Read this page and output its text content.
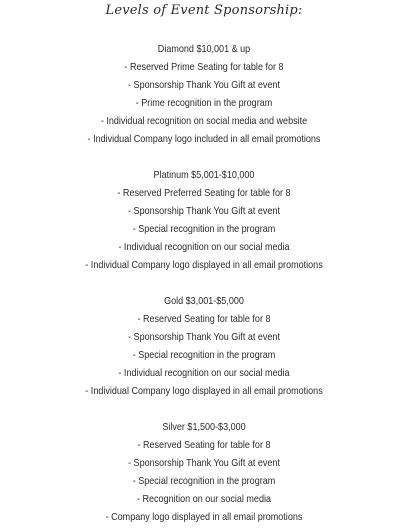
Levels of Event Sponsorship:
Diamond $10,001 & up
- Reserved Prime Seating for table for 8
- Sponsorship Thank You Gift at event
- Prime recognition in the program
- Individual recognition on social media and website
- Individual Company logo included in all email promotions
Platinum $5,001-$10,000
- Reserved Preferred Seating for table for 8
- Sponsorship Thank You Gift at event
- Special recognition in the program
- Individual recognition on our social media
- Individual Company logo displayed in all email promotions
Gold $3,001-$5,000
- Reserved Seating for table for 8
- Sponsorship Thank You Gift at event
- Special recognition in the program
- Individual recognition on our social media
- Individual Company logo displayed in all email promotions
Silver $1,500-$3,000
- Reserved Seating for table for 8
- Sponsorship Thank You Gift at event
- Special recognition in the program
- Recognition on our social media
- Company logo displayed in all email promotions
